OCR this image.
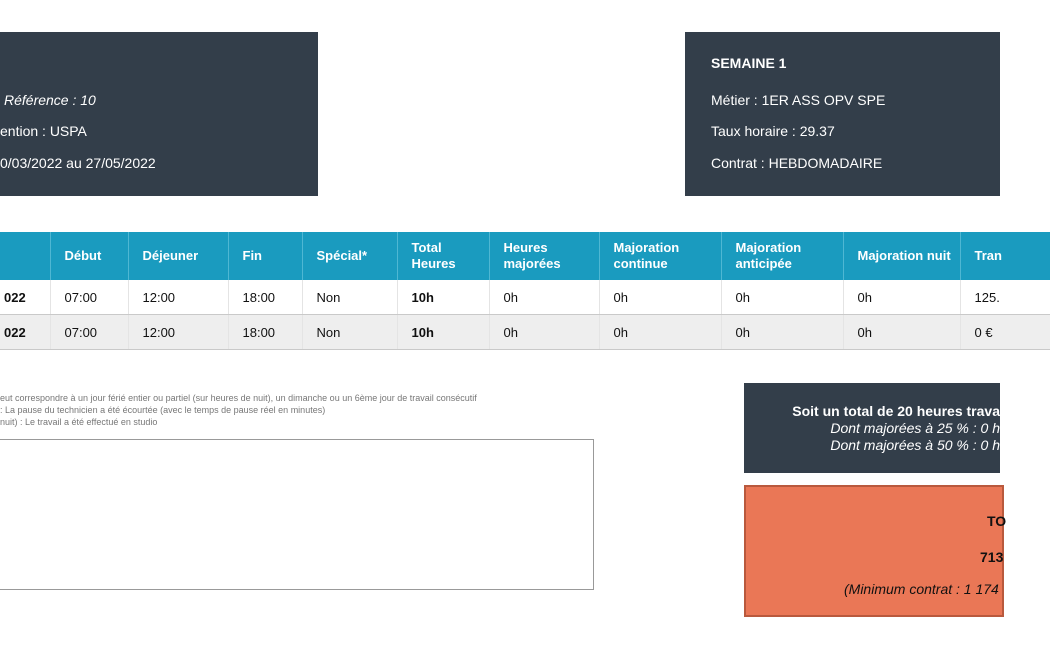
Référence : 10
ention : USPA
0/03/2022 au 27/05/2022
SEMAINE 1
Métier : 1ER ASS OPV SPE
Taux horaire : 29.37
Contrat : HEBDOMADAIRE
	Début	Déjeuner	Fin	Spécial*	Total Heures	Heures majorées	Majoration continue	Majoration anticipée	Majoration nuit	Tran
022	07:00	12:00	18:00	Non	10h	0h	0h	0h	0h	125.
022	07:00	12:00	18:00	Non	10h	0h	0h	0h	0h	0 €
eut correspondre à un jour férié entier ou partiel (sur heures de nuit), un dimanche ou un 6ème jour de travail consécutif
: La pause du technicien a été écourtée (avec le temps de pause réel en minutes)
nuit) : Le travail a été effectué en studio
Soit un total de 20 heures trava
Dont majorées à 25 % : 0 h
Dont majorées à 50 % : 0 h
TO
713
(Minimum contrat : 1 174
